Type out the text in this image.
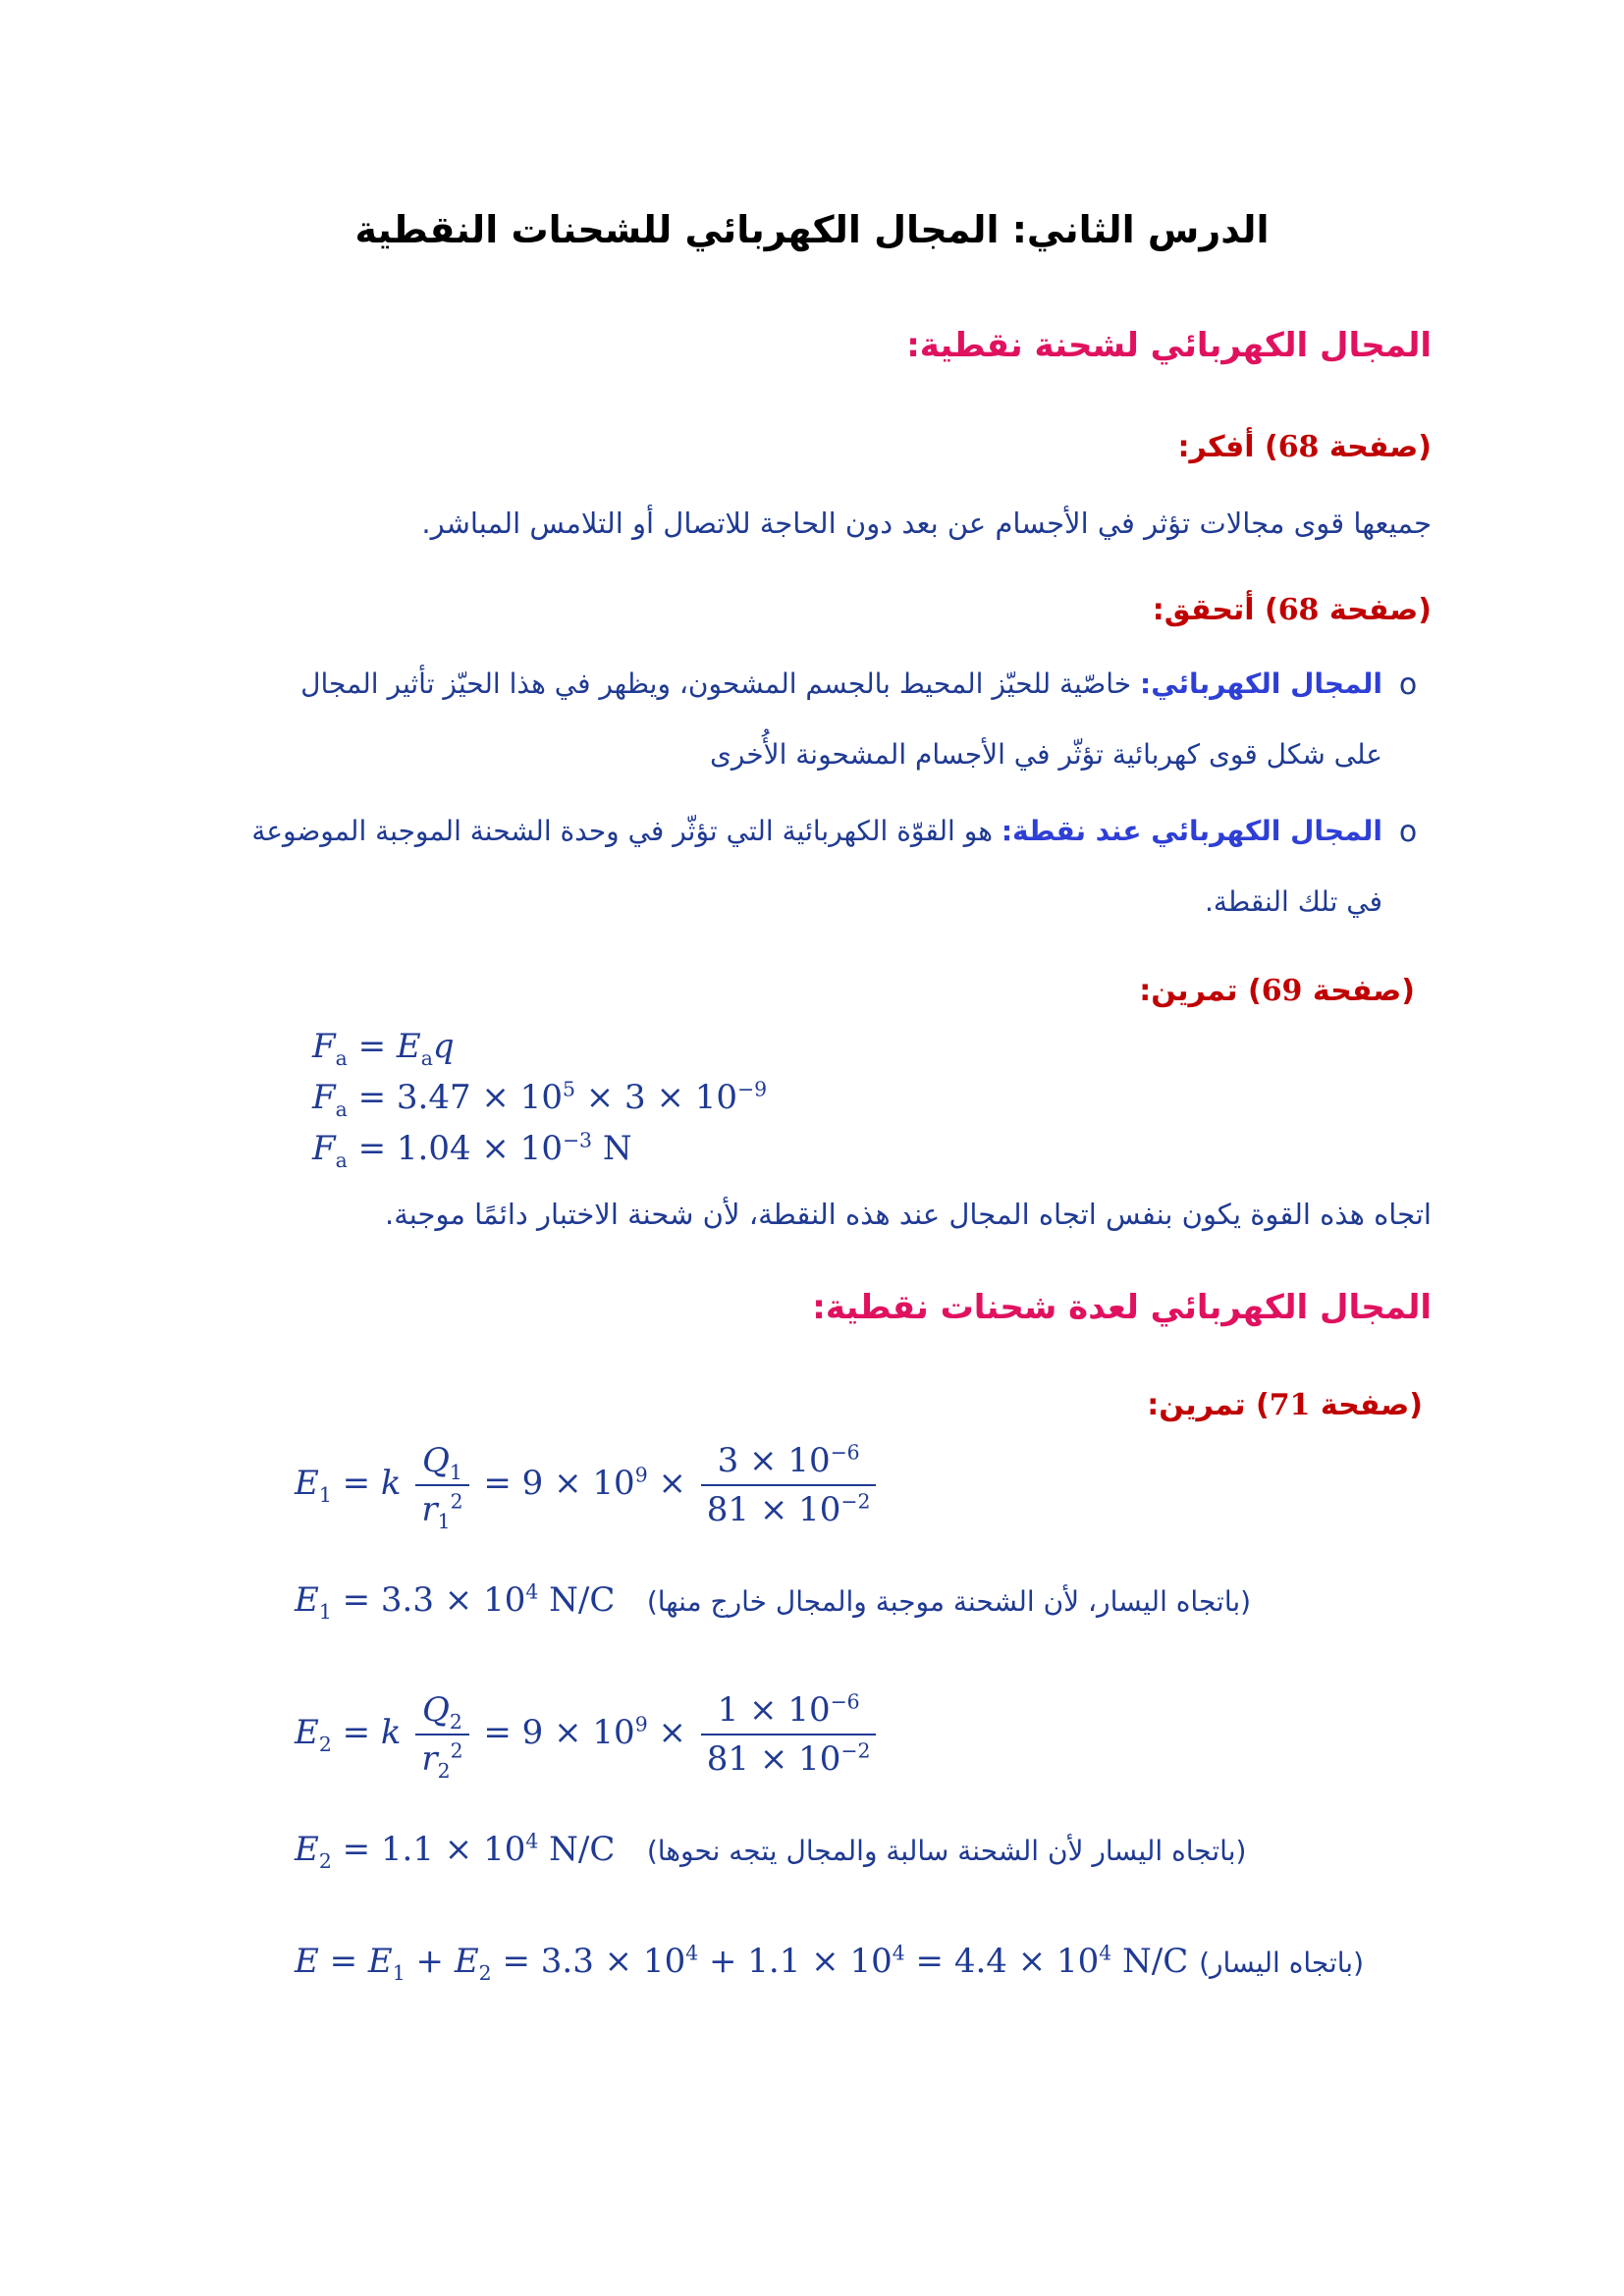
الدرس الثاني: المجال الكهربائي للشحنات النقطية
المجال الكهربائي لشحنة نقطية:
(صفحة 68) أفكر:
جميعها قوى مجالات تؤثر في الأجسام عن بعد دون الحاجة للاتصال أو التلامس المباشر.
(صفحة 68) أتحقق:
o
المجال الكهربائي: خاصّية للحيّز المحيط بالجسم المشحون، ويظهر في هذا الحيّز تأثير المجال
على شكل قوى كهربائية تؤثّر في الأجسام المشحونة الأُخرى
o
المجال الكهربائي عند نقطة: هو القوّة الكهربائية التي تؤثّر في وحدة الشحنة الموجبة الموضوعة
في تلك النقطة.
(صفحة 69) تمرين:
$F_a = E_aq$
$F_a = 3.47 \times 10^5 \times 3 \times 10^{-9}$
$F_a = 1.04 \times 10^{-3}$ N
اتجاه هذه القوة يكون بنفس اتجاه المجال عند هذه النقطة، لأن شحنة الاختبار دائمًا موجبة.
المجال الكهربائي لعدة شحنات نقطية:
(صفحة 71) تمرين:
$E_1 = k \frac{Q_1}{r_1^2} = 9 \times 10^9 \times \frac{3 \times 10^{-6}}{81 \times 10^{-2}}$
$E_1 = 3.3 \times 10^4$ N/C (باتجاه اليسار، لأن الشحنة موجبة والمجال خارج منها)
$E_2 = k \frac{Q_2}{r_2^2} = 9 \times 10^9 \times \frac{1 \times 10^{-6}}{81 \times 10^{-2}}$
$E_2 = 1.1 \times 10^4$ N/C (باتجاه اليسار لأن الشحنة سالبة والمجال يتجه نحوها)
$E = E_1 + E_2 = 3.3 \times 10^4 + 1.1 \times 10^4 = 4.4 \times 10^4$ N/C (باتجاه اليسار)
